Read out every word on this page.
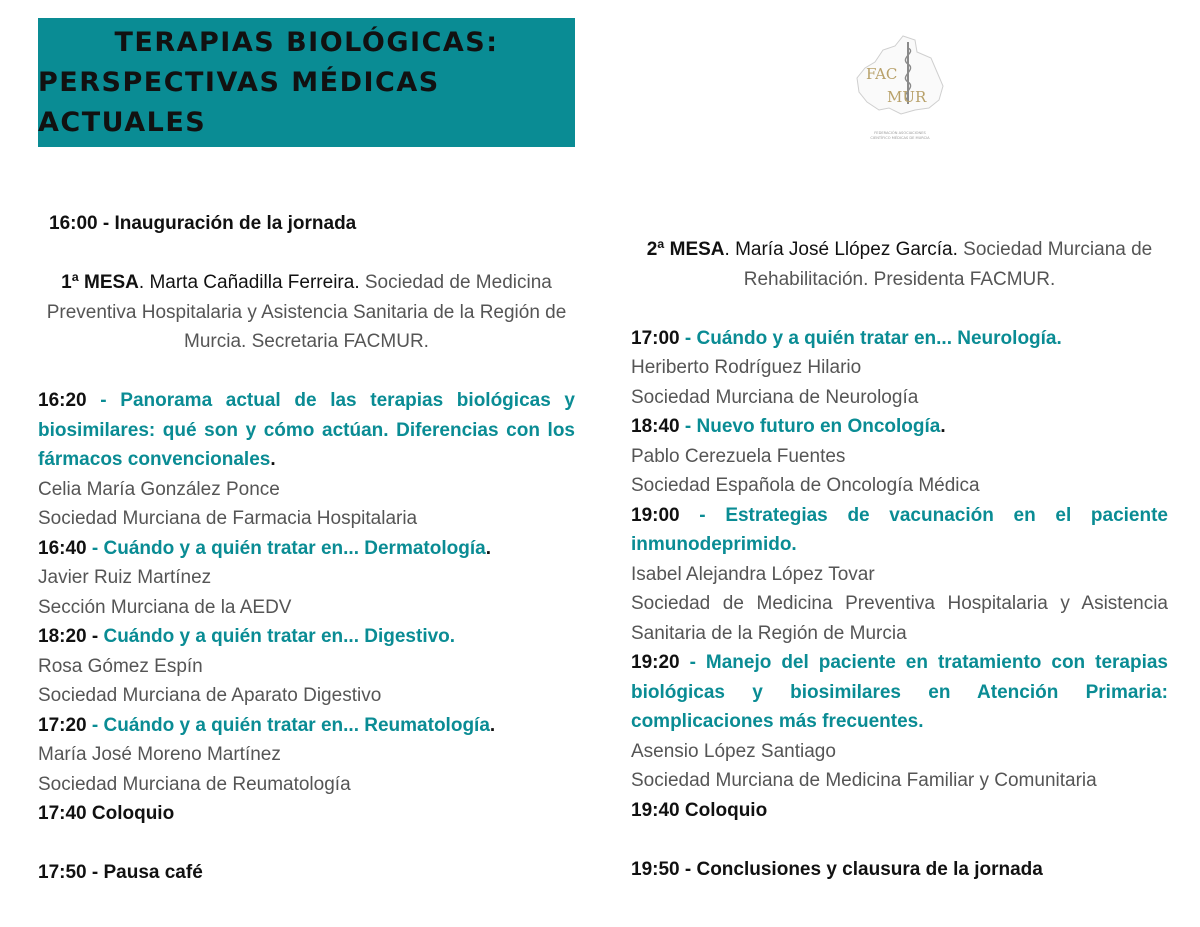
TERAPIAS BIOLÓGICAS:
PERSPECTIVAS MÉDICAS ACTUALES
FAC
MUR
FEDERACIÓN ASOCIACIONES
CIENTÍFICO MÉDICAS DE MURCIA

16:00 - Inauguración de la jornada

1ª MESA. Marta Cañadilla Ferreira. Sociedad de Medicina Preventiva Hospitalaria y Asistencia Sanitaria de la Región de Murcia. Secretaria FACMUR.

16:20 - Panorama actual de las terapias biológicas y biosimilares: qué son y cómo actúan. Diferencias con los fármacos convencionales.

Celia María González Ponce

Sociedad Murciana de Farmacia Hospitalaria

16:40 - Cuándo y a quién tratar en... Dermatología.

Javier Ruiz Martínez

Sección Murciana de la AEDV

18:20 - Cuándo y a quién tratar en... Digestivo.

Rosa Gómez Espín

Sociedad Murciana de Aparato Digestivo

17:20 - Cuándo y a quién tratar en... Reumatología.

María José Moreno Martínez

Sociedad Murciana de Reumatología

17:40 Coloquio

17:50 - Pausa café

2ª MESA. María José Llópez García. Sociedad Murciana de Rehabilitación. Presidenta FACMUR.

17:00 - Cuándo y a quién tratar en... Neurología.

Heriberto Rodríguez Hilario

Sociedad Murciana de Neurología

18:40 - Nuevo futuro en Oncología.

Pablo Cerezuela Fuentes

Sociedad Española de Oncología Médica

19:00 - Estrategias de vacunación en el paciente inmunodeprimido.

Isabel Alejandra López Tovar

Sociedad de Medicina Preventiva Hospitalaria y Asistencia Sanitaria de la Región de Murcia

19:20 - Manejo del paciente en tratamiento con terapias biológicas y biosimilares en Atención Primaria: complicaciones más frecuentes.

Asensio López Santiago

Sociedad Murciana de Medicina Familiar y Comunitaria

19:40 Coloquio

19:50 - Conclusiones y clausura de la jornada
